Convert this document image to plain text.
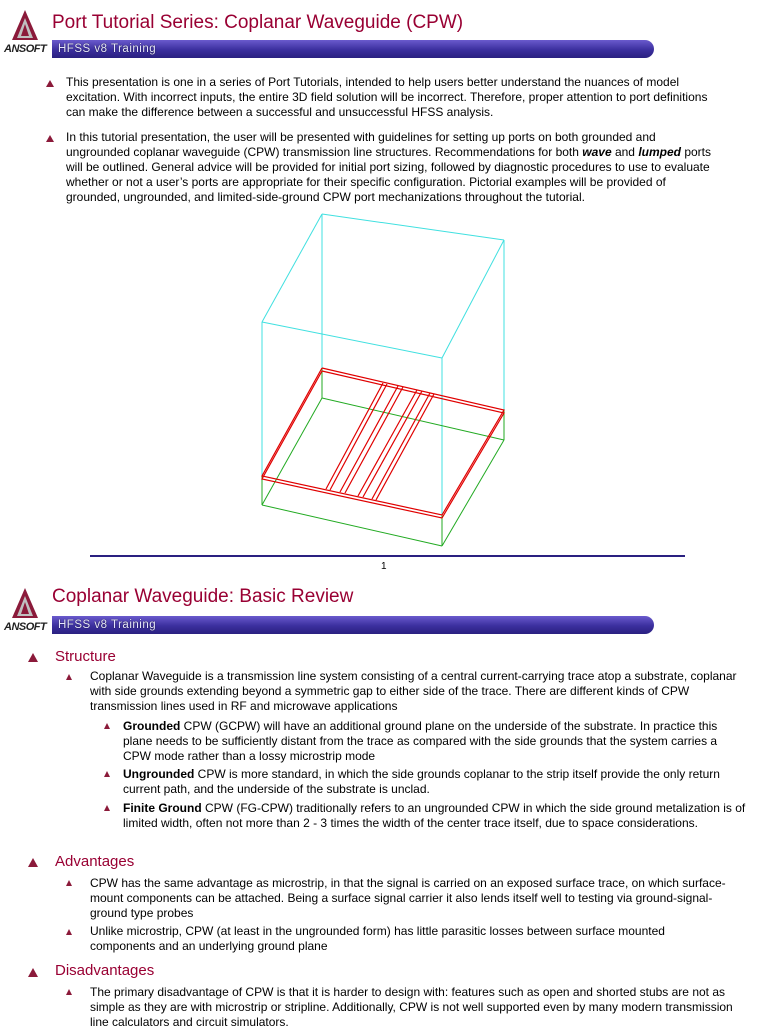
ANSOFT
Port Tutorial Series: Coplanar Waveguide (CPW)
HFSS v8 Training
This presentation is one in a series of Port Tutorials, intended to help users better understand the nuances of model excitation. With incorrect inputs, the entire 3D field solution will be incorrect. Therefore, proper attention to port definitions can make the difference between a successful and unsuccessful HFSS analysis.
In this tutorial presentation, the user will be presented with guidelines for setting up ports on both grounded and ungrounded coplanar waveguide (CPW) transmission line structures. Recommendations for both wave and lumped ports will be outlined. General advice will be provided for initial port sizing, followed by diagnostic procedures to use to evaluate whether or not a user’s ports are appropriate for their specific configuration. Pictorial examples will be provided of grounded, ungrounded, and limited-side-ground CPW port mechanizations throughout the tutorial.
1
ANSOFT
Coplanar Waveguide: Basic Review
HFSS v8 Training
Structure
Coplanar Waveguide is a transmission line system consisting of a central current-carrying trace atop a substrate, coplanar with side grounds extending beyond a symmetric gap to either side of the trace. There are different kinds of CPW transmission lines used in RF and microwave applications
Grounded CPW (GCPW) will have an additional ground plane on the underside of the substrate. In practice this plane needs to be sufficiently distant from the trace as compared with the side grounds that the system carries a CPW mode rather than a lossy microstrip mode
Ungrounded CPW is more standard, in which the side grounds coplanar to the strip itself provide the only return current path, and the underside of the substrate is unclad.
Finite Ground CPW (FG-CPW) traditionally refers to an ungrounded CPW in which the side ground metalization is of limited width, often not more than 2 - 3 times the width of the center trace itself, due to space considerations.
Advantages
CPW has the same advantage as microstrip, in that the signal is carried on an exposed surface trace, on which surface-mount components can be attached. Being a surface signal carrier it also lends itself well to testing via ground-signal-ground type probes
Unlike microstrip, CPW (at least in the ungrounded form) has little parasitic losses between surface mounted components and an underlying ground plane
Disadvantages
The primary disadvantage of CPW is that it is harder to design with: features such as open and shorted stubs are not as simple as they are with microstrip or stripline. Additionally, CPW is not well supported even by many modern transmission line calculators and circuit simulators.
